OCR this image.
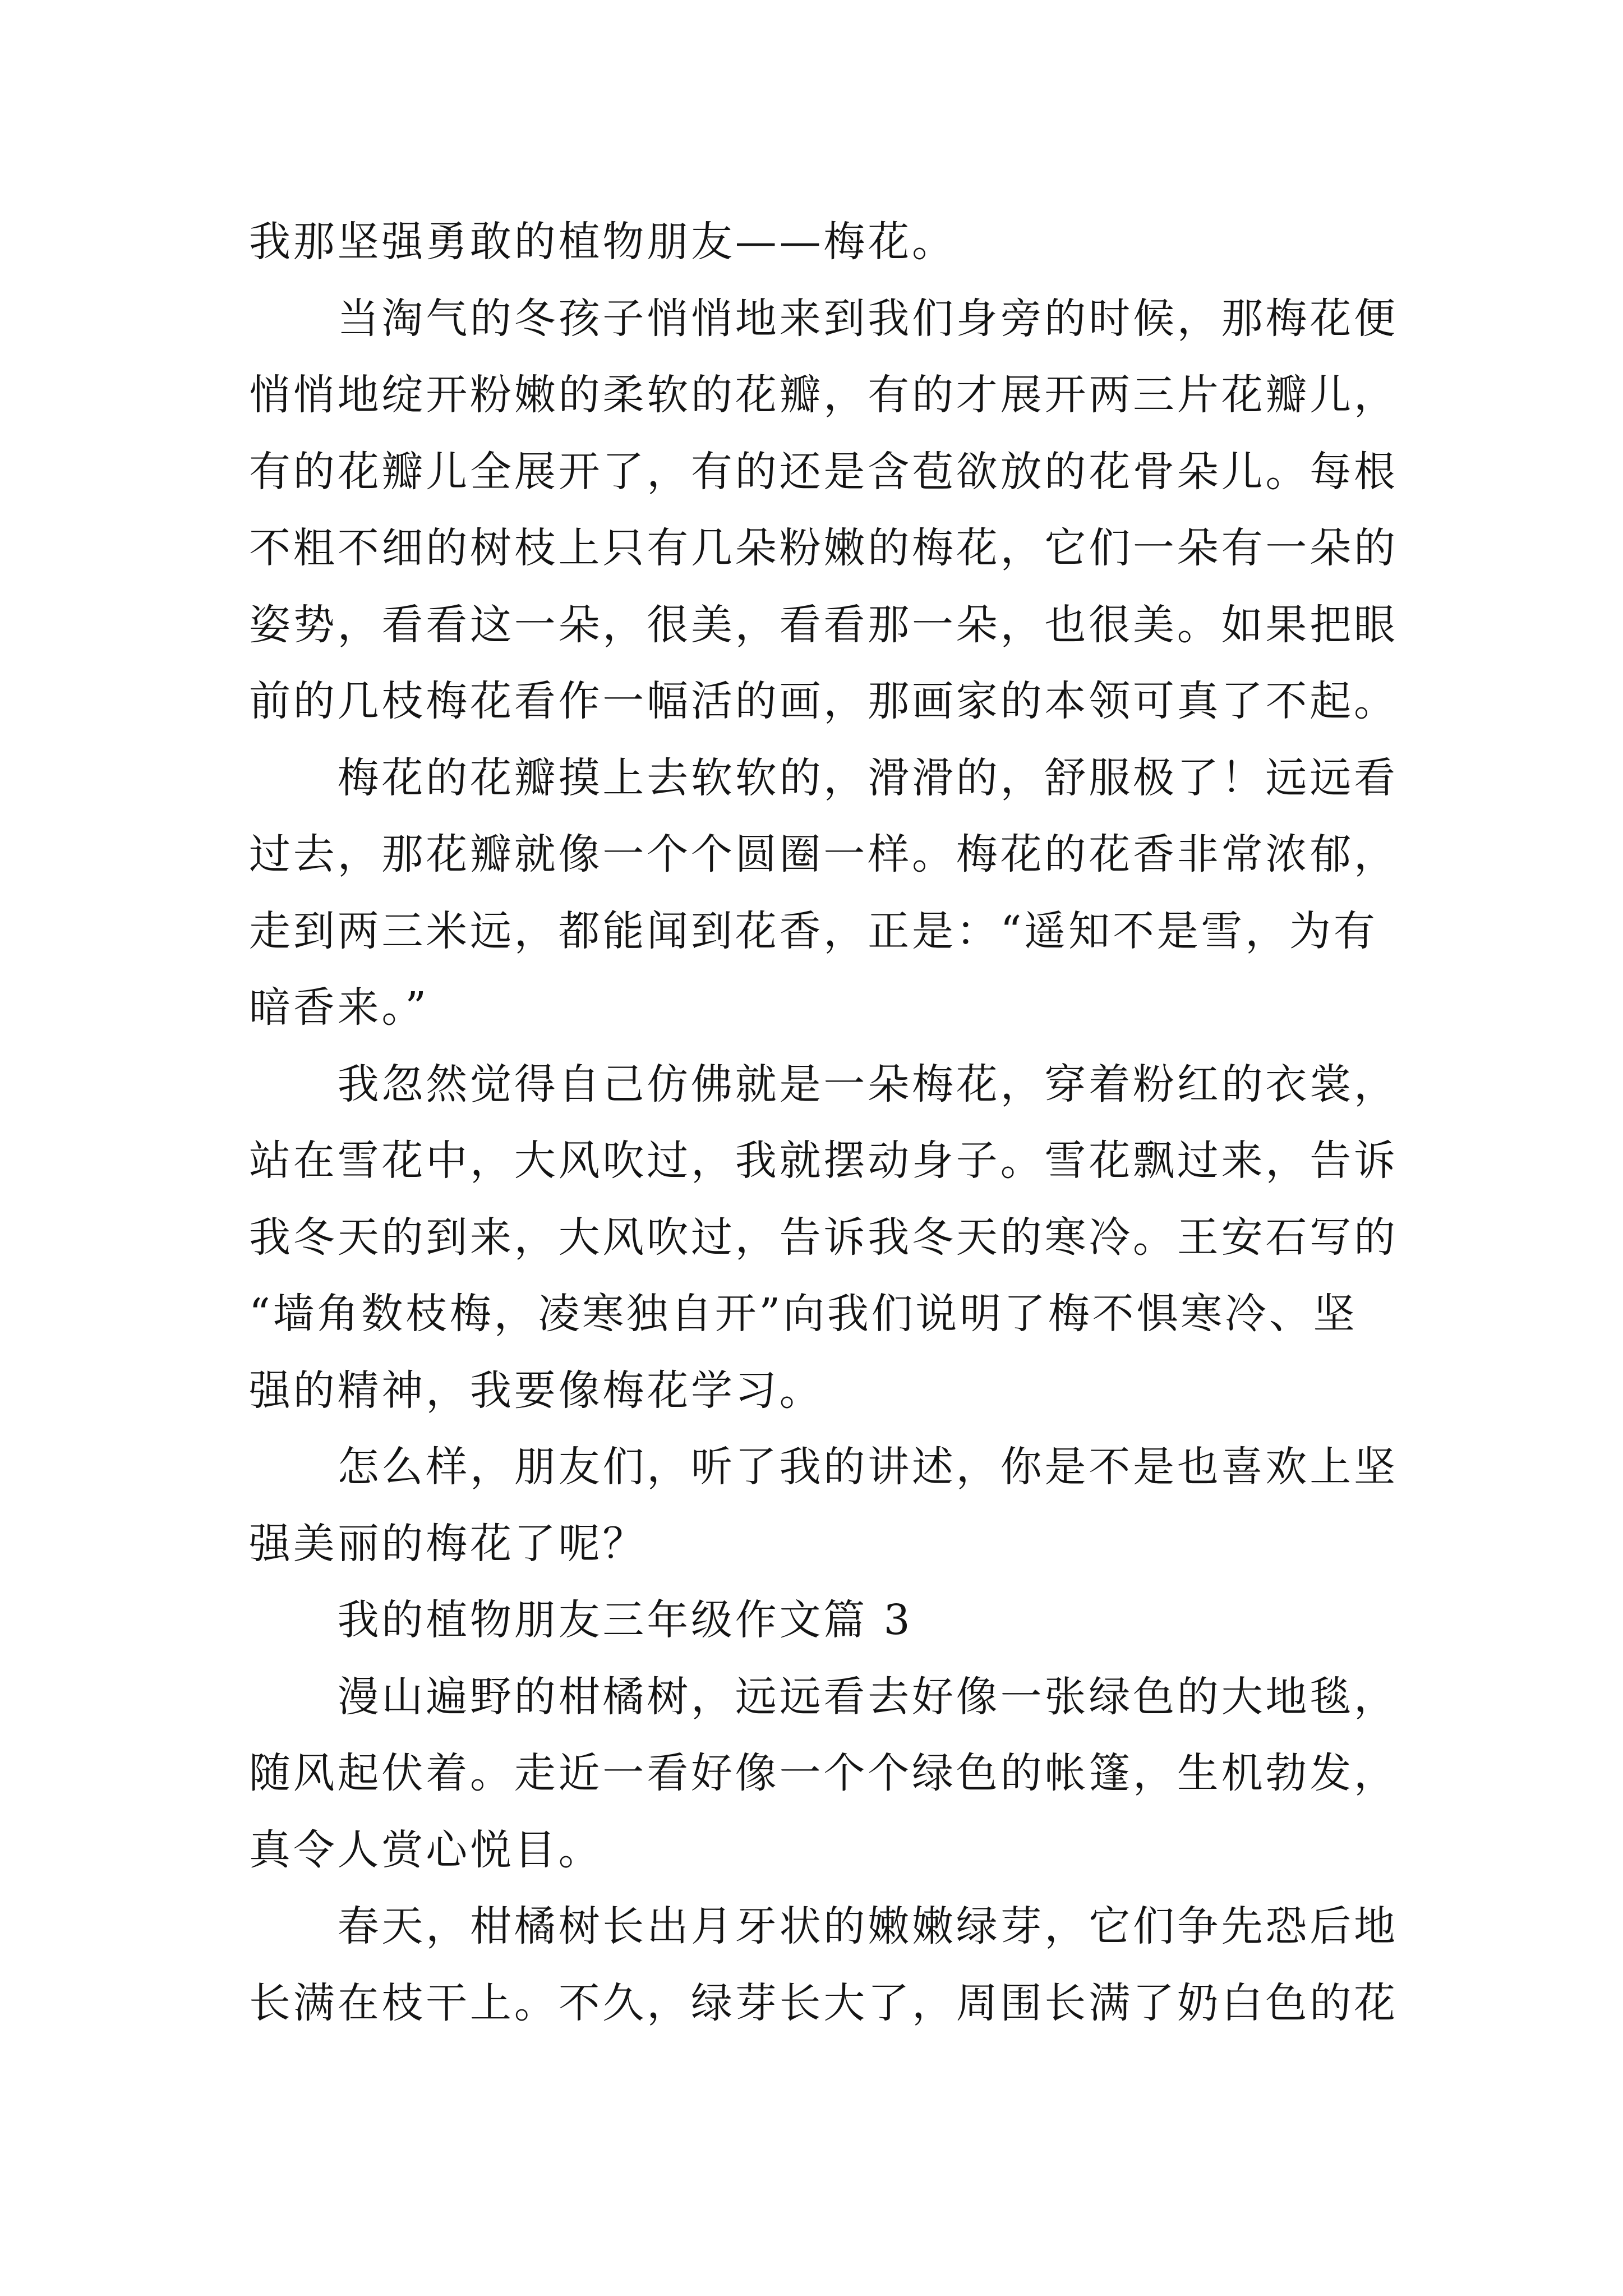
我那坚强勇敢的植物朋友——梅花。
当淘气的冬孩子悄悄地来到我们身旁的时候，那梅花便
悄悄地绽开粉嫩的柔软的花瓣，有的才展开两三片花瓣儿，
有的花瓣儿全展开了，有的还是含苞欲放的花骨朵儿。每根
不粗不细的树枝上只有几朵粉嫩的梅花，它们一朵有一朵的
姿势，看看这一朵，很美，看看那一朵，也很美。如果把眼
前的几枝梅花看作一幅活的画，那画家的本领可真了不起。
梅花的花瓣摸上去软软的，滑滑的，舒服极了！远远看
过去，那花瓣就像一个个圆圈一样。梅花的花香非常浓郁，
走到两三米远，都能闻到花香，正是：“遥知不是雪，为有
暗香来。”
我忽然觉得自己仿佛就是一朵梅花，穿着粉红的衣裳，
站在雪花中，大风吹过，我就摆动身子。雪花飘过来，告诉
我冬天的到来，大风吹过，告诉我冬天的寒冷。王安石写的
“墙角数枝梅，凌寒独自开”向我们说明了梅不惧寒冷、坚
强的精神，我要像梅花学习。
怎么样，朋友们，听了我的讲述，你是不是也喜欢上坚
强美丽的梅花了呢？
我的植物朋友三年级作文篇 3
漫山遍野的柑橘树，远远看去好像一张绿色的大地毯，
随风起伏着。走近一看好像一个个绿色的帐篷，生机勃发，
真令人赏心悦目。
春天，柑橘树长出月牙状的嫩嫩绿芽，它们争先恐后地
长满在枝干上。不久，绿芽长大了，周围长满了奶白色的花
